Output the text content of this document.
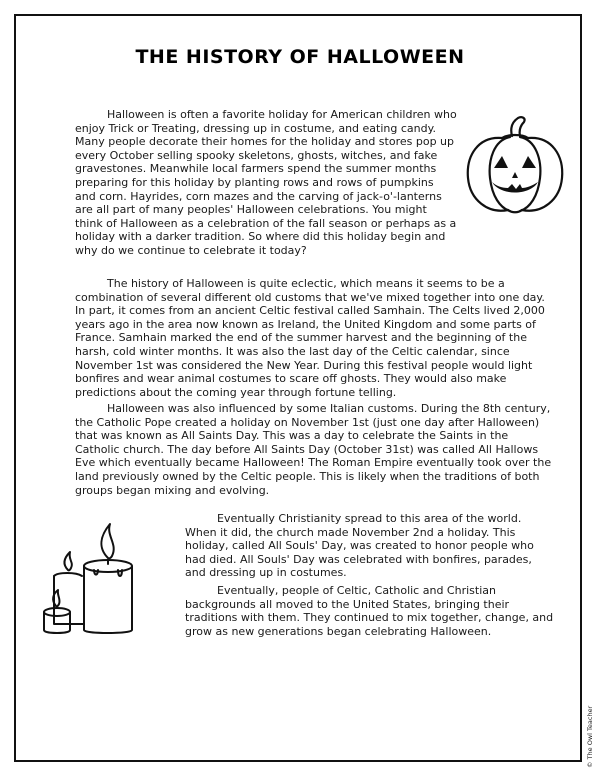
THE HISTORY OF HALLOWEEN

Halloween is often a favorite holiday for American children who enjoy Trick or Treating, dressing up in costume, and eating candy. Many people decorate their homes for the holiday and stores pop up every October selling spooky skeletons, ghosts, witches, and fake gravestones. Meanwhile local farmers spend the summer months preparing for this holiday by planting rows and rows of pumpkins and corn. Hayrides, corn mazes and the carving of jack-o'-lanterns are all part of many peoples' Halloween celebrations. You might think of Halloween as a celebration of the fall season or perhaps as a holiday with a darker tradition. So where did this holiday begin and why do we continue to celebrate it today?

The history of Halloween is quite eclectic, which means it seems to be a combination of several different old customs that we've mixed together into one day. In part, it comes from an ancient Celtic festival called Samhain. The Celts lived 2,000 years ago in the area now known as Ireland, the United Kingdom and some parts of France. Samhain marked the end of the summer harvest and the beginning of the harsh, cold winter months. It was also the last day of the Celtic calendar, since November 1st was considered the New Year. During this festival people would light bonfires and wear animal costumes to scare off ghosts. They would also make predictions about the coming year through fortune telling.

Halloween was also influenced by some Italian customs. During the 8th century, the Catholic Pope created a holiday on November 1st (just one day after Halloween) that was known as All Saints Day. This was a day to celebrate the Saints in the Catholic church. The day before All Saints Day (October 31st) was called All Hallows Eve which eventually became Halloween! The Roman Empire eventually took over the land previously owned by the Celtic people. This is likely when the traditions of both groups began mixing and evolving.

Eventually Christianity spread to this area of the world. When it did, the church made November 2nd a holiday. This holiday, called All Souls' Day, was created to honor people who had died. All Souls' Day was celebrated with bonfires, parades, and dressing up in costumes.

Eventually, people of Celtic, Catholic and Christian backgrounds all moved to the United States, bringing their traditions with them. They continued to mix together, change, and grow as new generations began celebrating Halloween.

© The Owl Teacher
